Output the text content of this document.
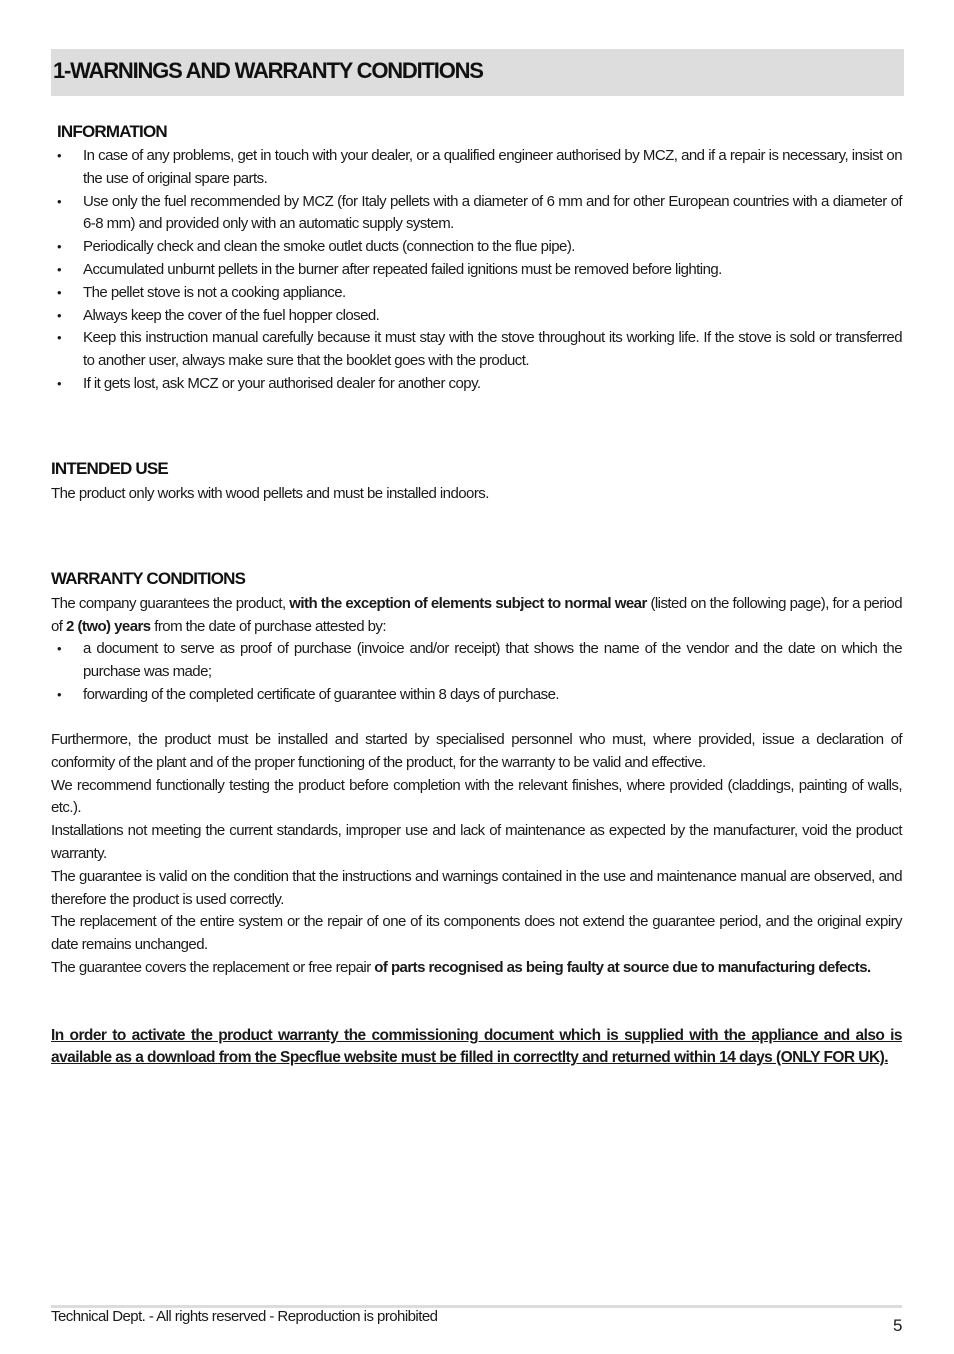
1-WARNINGS AND WARRANTY CONDITIONS
INFORMATION
• In case of any problems, get in touch with your dealer, or a qualified engineer authorised by MCZ, and if a repair is necessary, insist on the use of original spare parts.
• Use only the fuel recommended by MCZ (for Italy pellets with a diameter of 6 mm and for other European countries with a diameter of 6-8 mm) and provided only with an automatic supply system.
• Periodically check and clean the smoke outlet ducts (connection to the flue pipe).
• Accumulated unburnt pellets in the burner after repeated failed ignitions must be removed before lighting.
• The pellet stove is not a cooking appliance.
• Always keep the cover of the fuel hopper closed.
• Keep this instruction manual carefully because it must stay with the stove throughout its working life. If the stove is sold or transferred to another user, always make sure that the booklet goes with the product.
• If it gets lost, ask MCZ or your authorised dealer for another copy.
INTENDED USE
The product only works with wood pellets and must be installed indoors.
WARRANTY CONDITIONS
The company guarantees the product, with the exception of elements subject to normal wear (listed on the following page), for a period of 2 (two) years from the date of purchase attested by:
• a document to serve as proof of purchase (invoice and/or receipt) that shows the name of the vendor and the date on which the purchase was made;
• forwarding of the completed certificate of guarantee within 8 days of purchase.

Furthermore, the product must be installed and started by specialised personnel who must, where provided, issue a declaration of conformity of the plant and of the proper functioning of the product, for the warranty to be valid and effective.

We recommend functionally testing the product before completion with the relevant finishes, where provided (claddings, painting of walls, etc.).

Installations not meeting the current standards, improper use and lack of maintenance as expected by the manufacturer, void the product warranty.

The guarantee is valid on the condition that the instructions and warnings contained in the use and maintenance manual are observed, and therefore the product is used correctly.

The replacement of the entire system or the repair of one of its components does not extend the guarantee period, and the original expiry date remains unchanged.

The guarantee covers the replacement or free repair of parts recognised as being faulty at source due to manufacturing defects.

In order to activate the product warranty the commissioning document which is supplied with the appliance and also is available as a download from the Specflue website must be filled in correctlty and returned within 14 days (ONLY FOR UK).
Technical Dept. - All rights reserved - Reproduction is prohibited	5
